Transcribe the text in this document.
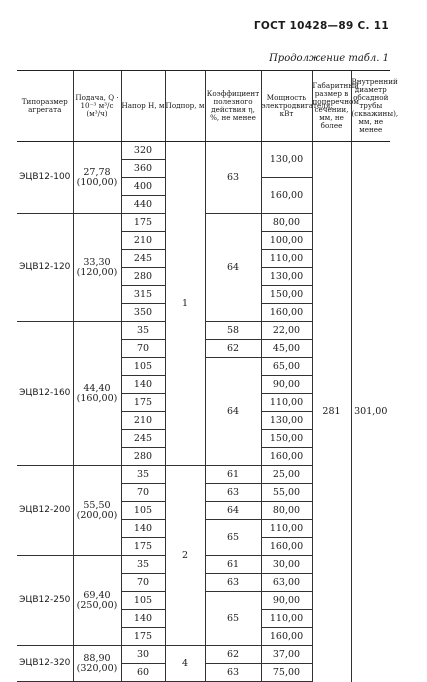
ГОСТ 10428—89 С. 11
Продолжение табл. 1
Типоразмер агрегата	Подача, Q · 10⁻³ м³/с (м³/ч)	Напор Н, м	Подпор, м	Коэффициент полезного действия η, %, не менее	Мощность электродвигателя, кВт	Габаритный размер в поперечном сечении, мм, не более	Внутренний диаметр обсадной трубы (скважины), мм, не менее
ЭЦВ12-100	27,78
(100,00)	320	1	63	130,00	281	301,00
		360					
		400			160,00		
		440					
ЭЦВ12-120	33,30
(120,00)	175		64	80,00		
		210			100,00		
		245			110,00		
		280			130,00		
		315			150,00		
		350			160,00		
ЭЦВ12-160	44,40
(160,00)	35		58	22,00		
		70		62	45,00		
		105		64	65,00		
		140			90,00		
		175			110,00		
		210			130,00		
		245			150,00		
		280			160,00		
ЭЦВ12-200	55,50
(200,00)	35	2	61	25,00		
		70		63	55,00		
		105		64	80,00		
		140		65	110,00		
		175			160,00		
ЭЦВ12-250	69,40
(250,00)	35		61	30,00		
		70		63	63,00		
		105		65	90,00		
		140			110,00		
		175			160,00		
ЭЦВ12-320	88,90
(320,00)	30	4	62	37,00		
		60		63	75,00		
